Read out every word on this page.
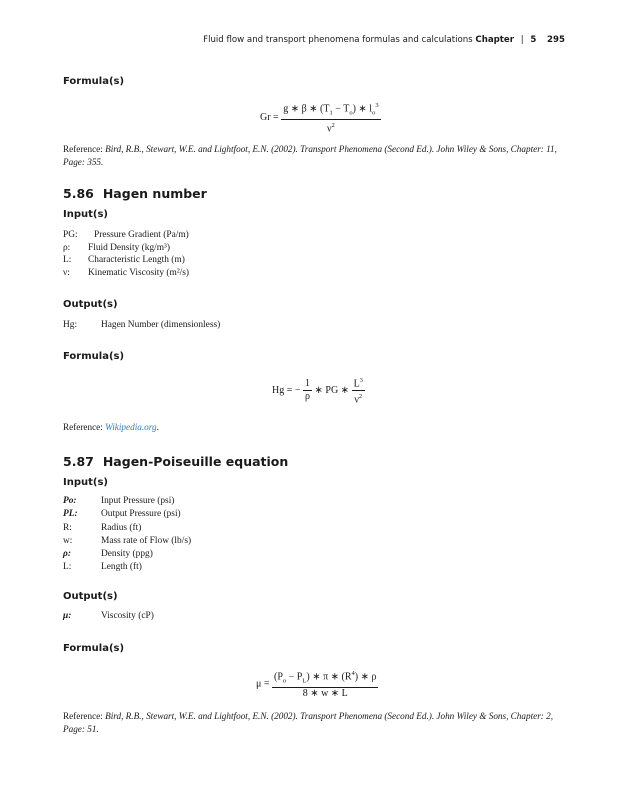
Fluid flow and transport phenomena formulas and calculations Chapter | 5 295
Formula(s)
$Gr = \frac{g ∗ \beta ∗ (T_1 - T_o) ∗ l_o^3}{\nu^2}$
Reference: Bird, R.B., Stewart, W.E. and Lightfoot, E.N. (2002). Transport Phenomena (Second Ed.). John Wiley & Sons, Chapter: 11, Page: 355.
5.86 Hagen number
Input(s)
PG:	Pressure Gradient (Pa/m)
ρ:	Fluid Density (kg/m³)
L:	Characteristic Length (m)
ν:	Kinematic Viscosity (m²/s)
Output(s)
Hg:	Hagen Number (dimensionless)
Formula(s)
Hg = − $\frac{1}{\rho}$ ∗ PG ∗ $\frac{L^3}{\nu^2}$
Reference: Wikipedia.org.
5.87 Hagen-Poiseuille equation
Input(s)
Po:	Input Pressure (psi)
PL:	Output Pressure (psi)
R:	Radius (ft)
w:	Mass rate of Flow (lb/s)
ρ:	Density (ppg)
L:	Length (ft)
Output(s)
μ:	Viscosity (cP)
Formula(s)
$\mu = \frac{(P_o - P_L) ∗ \pi ∗ (R^4) ∗ \rho}{8 ∗ w ∗ L}$
Reference: Bird, R.B., Stewart, W.E. and Lightfoot, E.N. (2002). Transport Phenomena (Second Ed.). John Wiley & Sons, Chapter: 2, Page: 51.
